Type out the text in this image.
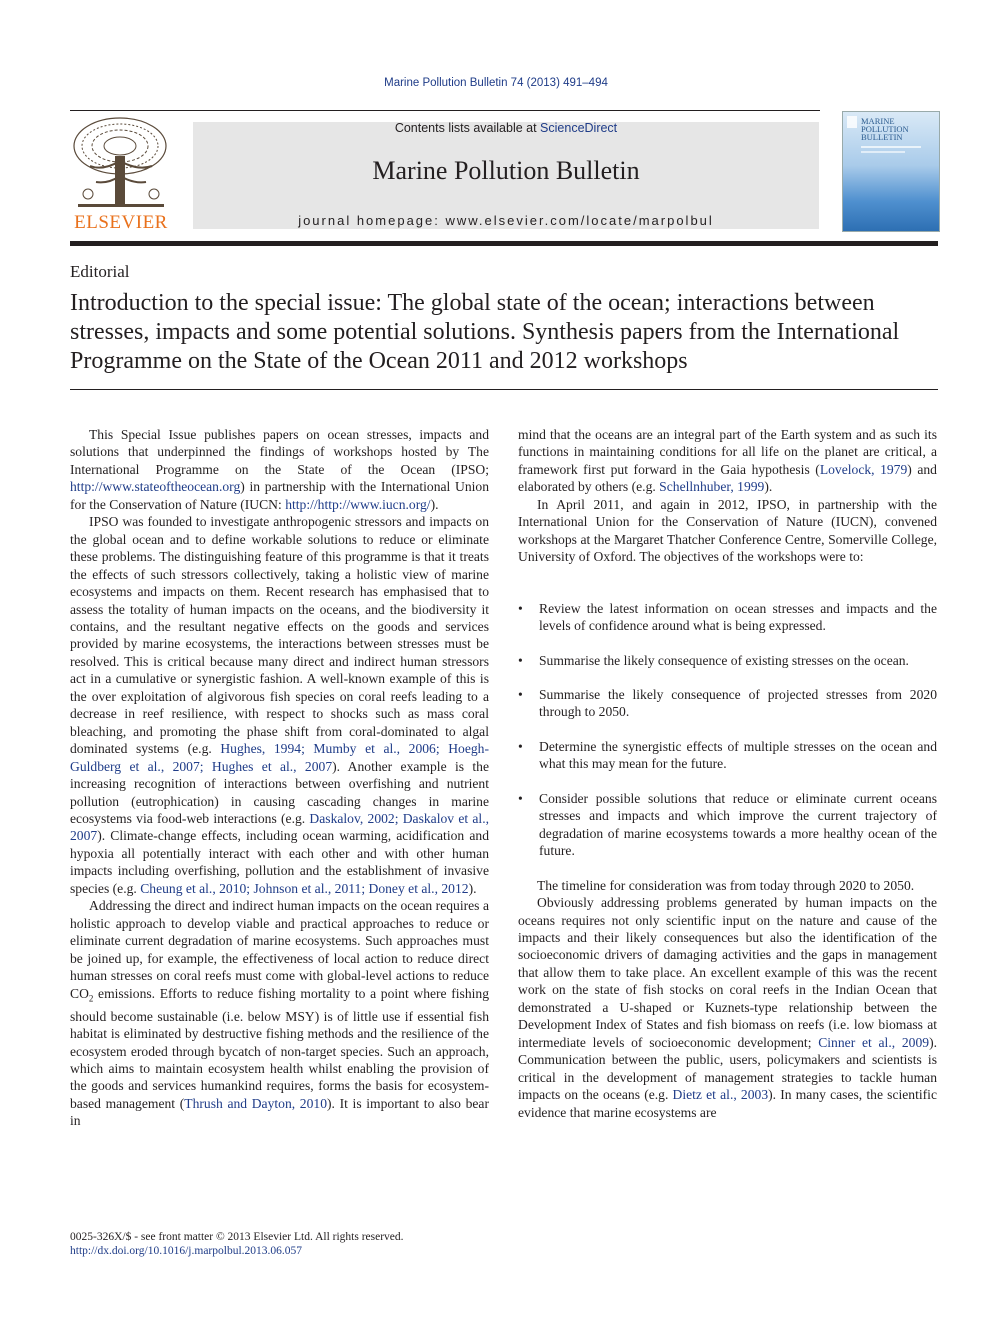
Marine Pollution Bulletin 74 (2013) 491–494
ELSEVIER
Contents lists available at ScienceDirect
Marine Pollution Bulletin
journal homepage: www.elsevier.com/locate/marpolbul
MARINE POLLUTION BULLETIN
Editorial
Introduction to the special issue: The global state of the ocean; interactions between stresses, impacts and some potential solutions. Synthesis papers from the International Programme on the State of the Ocean 2011 and 2012 workshops

This Special Issue publishes papers on ocean stresses, impacts and solutions that underpinned the findings of workshops hosted by The International Programme on the State of the Ocean (IPSO; http://www.stateoftheocean.org) in partnership with the International Union for the Conservation of Nature (IUCN: http://http://www.iucn.org/).

IPSO was founded to investigate anthropogenic stressors and impacts on the global ocean and to define workable solutions to reduce or eliminate these problems. The distinguishing feature of this programme is that it treats the effects of such stressors collectively, taking a holistic view of marine ecosystems and impacts on them. Recent research has emphasised that to assess the totality of human impacts on the oceans, and the biodiversity it contains, and the resultant negative effects on the goods and services provided by marine ecosystems, the interactions between stresses must be resolved. This is critical because many direct and indirect human stressors act in a cumulative or synergistic fashion. A well-known example of this is the over exploitation of algivorous fish species on coral reefs leading to a decrease in reef resilience, with respect to shocks such as mass coral bleaching, and promoting the phase shift from coral-dominated to algal dominated systems (e.g. Hughes, 1994; Mumby et al., 2006; Hoegh-Guldberg et al., 2007; Hughes et al., 2007). Another example is the increasing recognition of interactions between overfishing and nutrient pollution (eutrophication) in causing cascading changes in marine ecosystems via food-web interactions (e.g. Daskalov, 2002; Daskalov et al., 2007). Climate-change effects, including ocean warming, acidification and hypoxia all potentially interact with each other and with other human impacts including overfishing, pollution and the establishment of invasive species (e.g. Cheung et al., 2010; Johnson et al., 2011; Doney et al., 2012).

Addressing the direct and indirect human impacts on the ocean requires a holistic approach to develop viable and practical approaches to reduce or eliminate current degradation of marine ecosystems. Such approaches must be joined up, for example, the effectiveness of local action to reduce direct human stresses on coral reefs must come with global-level actions to reduce $CO_2$ emissions. Efforts to reduce fishing mortality to a point where fishing should become sustainable (i.e. below MSY) is of little use if essential fish habitat is eliminated by destructive fishing methods and the resilience of the ecosystem eroded through bycatch of non-target species. Such an approach, which aims to maintain ecosystem health whilst enabling the provision of the goods and services humankind requires, forms the basis for ecosystem-based management (Thrush and Dayton, 2010). It is important to also bear in

mind that the oceans are an integral part of the Earth system and as such its functions in maintaining conditions for all life on the planet are critical, a framework first put forward in the Gaia hypothesis (Lovelock, 1979) and elaborated by others (e.g. Schellnhuber, 1999).

In April 2011, and again in 2012, IPSO, in partnership with the International Union for the Conservation of Nature (IUCN), convened workshops at the Margaret Thatcher Conference Centre, Somerville College, University of Oxford. The objectives of the workshops were to:

• Review the latest information on ocean stresses and impacts and the levels of confidence around what is being expressed.
• Summarise the likely consequence of existing stresses on the ocean.
• Summarise the likely consequence of projected stresses from 2020 through to 2050.
• Determine the synergistic effects of multiple stresses on the ocean and what this may mean for the future.
• Consider possible solutions that reduce or eliminate current oceans stresses and impacts and which improve the current trajectory of degradation of marine ecosystems towards a more healthy ocean of the future.

The timeline for consideration was from today through 2020 to 2050.

Obviously addressing problems generated by human impacts on the oceans requires not only scientific input on the nature and cause of the impacts and their likely consequences but also the identification of the socioeconomic drivers of damaging activities and the gaps in management that allow them to take place. An excellent example of this was the recent work on the state of fish stocks on coral reefs in the Indian Ocean that demonstrated a U-shaped or Kuznets-type relationship between the Development Index of States and fish biomass on reefs (i.e. low biomass at intermediate levels of socioeconomic development; Cinner et al., 2009). Communication between the public, users, policymakers and scientists is critical in the development of management strategies to tackle human impacts on the oceans (e.g. Dietz et al., 2003). In many cases, the scientific evidence that marine ecosystems are

0025-326X/$ - see front matter © 2013 Elsevier Ltd. All rights reserved.
http://dx.doi.org/10.1016/j.marpolbul.2013.06.057
